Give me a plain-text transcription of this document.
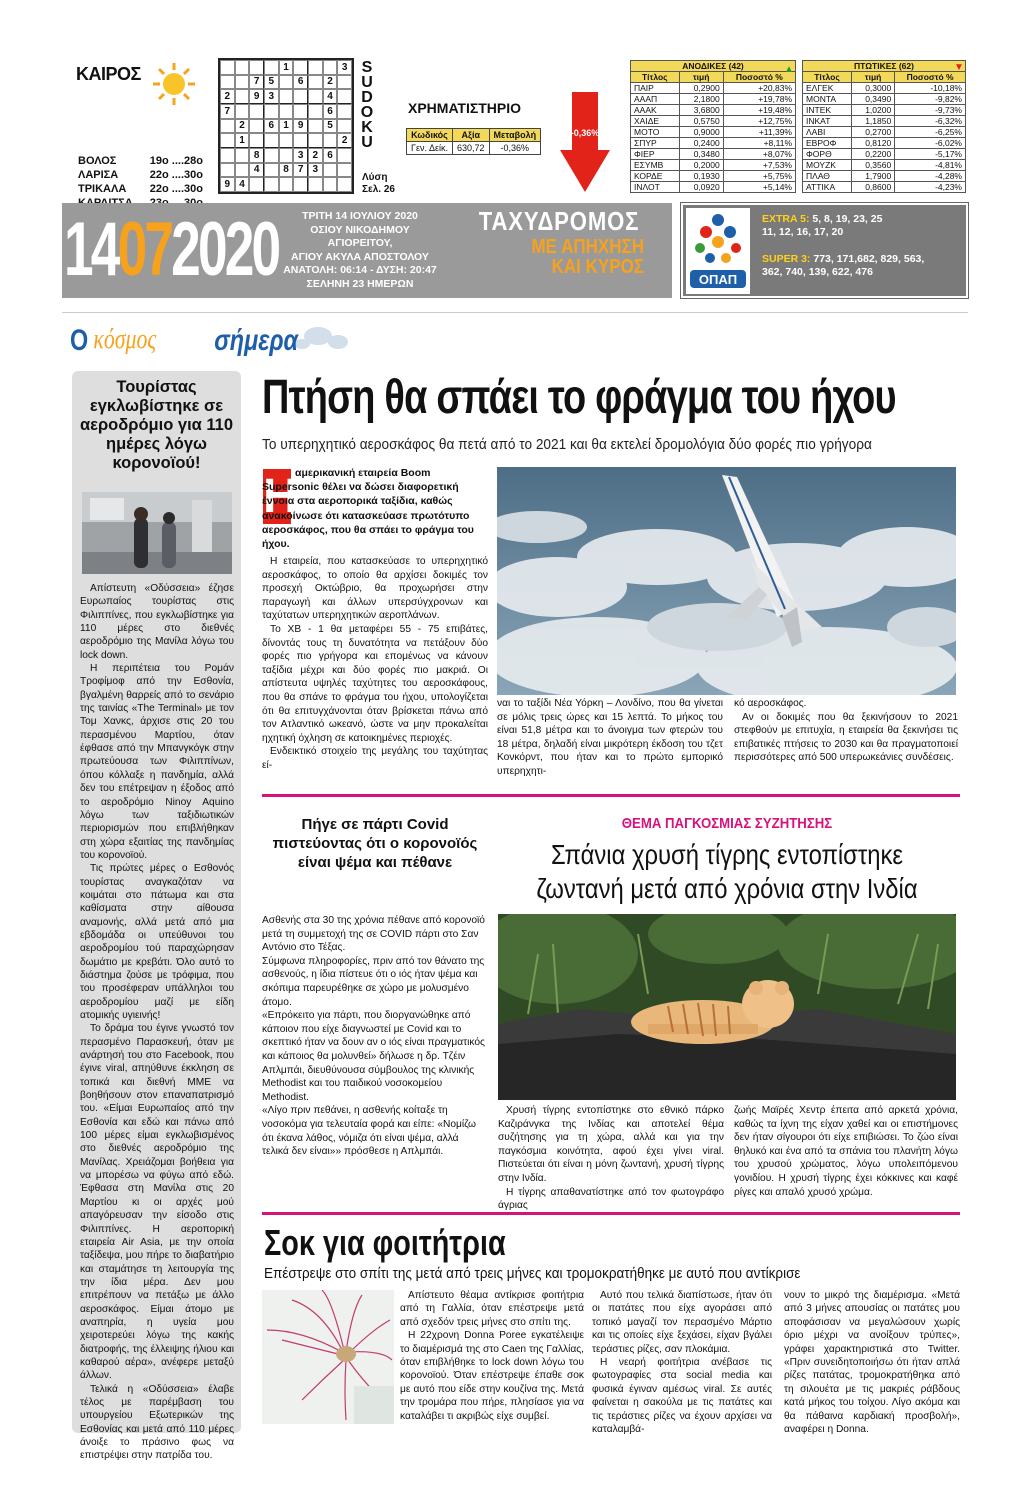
ΚΑΙΡΟΣ
ΒΟΛΟΣ	19ο ....28ο
ΛΑΡΙΣΑ	22ο ....30ο
ΤΡΙΚΑΛΑ 22ο ....30ο
1	3
7 5	6	2
2	9 3	4
7	6
2	6 1 9	5
1	2
8	3 2 6
4	8 7 3
9 4
S
U
D
O
K
U
Λύση
Σελ. 26
ΧΡΗΜΑΤΙΣΤΗΡΙΟ
Κωδικός	Αξία	Μεταβολή
Γεν. Δείκ.	630,72	-0,36%
-0,36%
ΑΝΟΔΙΚΕΣ (42)		
Τίτλος	τιμή	Ποσοστό %
ΠΑΙΡ	0,2900	+20,83%
ΑΑΑΠ	2,1800	+19,78%
ΑΑΑΚ	3,6800	+19,48%
ΧΑΙΔΕ	0,5750	+12,75%
ΜΟΤΟ	0,9000	+11,39%
ΣΠΥΡ	0,2400	+8,11%
ΦΙΕΡ	0,3480	+8,07%
ΕΣΥΜΒ	0,2000	+7,53%
ΚΟΡΔΕ	0,1930	+5,75%
ΙΝΛΟΤ	0,0920	+5,14%
ΠΤΩΤΙΚΕΣ (62)		
Τίτλος	τιμή	Ποσοστό %
ΕΛΓΕΚ	0,3000	-10,18%
ΜΟΝΤΑ	0,3490	-9,82%
ΙΝΤΕΚ	1,0200	-9,73%
ΙΝΚΑΤ	1,1850	-6,32%
ΛΑΒΙ	0,2700	-6,25%
ΕΒΡΟΦ	0,8120	-6,02%
ΦΟΡΘ	0,2200	-5,17%
ΜΟΥΖΚ	0,3560	-4,81%
ΠΛΑΘ	1,7900	-4,28%
ΑΤΤΙΚΑ	0,8600	-4,23%
14072020	ΤΡΙΤΗ 14 ΙΟΥΛΙΟΥ 2020
ΟΣΙΟΥ ΝΙΚΟΔΗΜΟΥ ΑΓΙΟΡΕΙΤΟΥ,
ΑΓΙΟΥ ΑΚΥΛΑ ΑΠΟΣΤΟΛΟΥ
ΑΝΑΤΟΛΗ: 06:14 - ΔΥΣΗ: 20:47
ΣΕΛΗΝΗ 23 ΗΜΕΡΩΝ
ΤΑΧΥΔΡΟΜΟΣ
ΜΕ ΑΠΗΧΗΣΗ
ΚΑΙ ΚΥΡΟΣ
ΟΠΑΠ
EXTRA 5: 5, 8, 19, 23, 25
11, 12, 16, 17, 20
SUPER 3: 773, 171,682, 829, 563,
362, 740, 139, 622, 476
Ο κόσμος σήμερα
Τουρίστας εγκλωβίστηκε σε αεροδρόμιο για 110 ημέρες λόγω κορονοϊού!

Απίστευτη «Οδύσσεια» έζησε Ευρωπαίος τουρίστας στις Φιλιππίνες, που εγκλωβίστηκε για 110 μέρες στο διεθνές αεροδρόμιο της Μανίλα λόγω του lock down.

Η περιπέτεια του Ρομάν Τροφίμοφ από την Εσθονία, βγαλμένη θαρρείς από το σενάριο της ταινίας «The Terminal» με τον Τομ Χανκς, άρχισε στις 20 του περασμένου Μαρτίου, όταν έφθασε από την Μπανγκόγκ στην πρωτεύουσα των Φιλιππίνων, όπου κόλλαξε η πανδημία, αλλά δεν του επέτρεψαν η έξοδος από το αεροδρόμιο Ninoy Aquino λόγω των ταξιδιωτικών περιορισμών που επιβλήθηκαν στη χώρα εξαιτίας της πανδημίας του κορονοϊού.

Τις πρώτες μέρες ο Εσθονός τουρίστας αναγκαζόταν να κοιμάται στο πάτωμα και στα καθίσματα στην αίθουσα αναμονής, αλλά μετά από μια εβδομάδα οι υπεύθυνοι του αεροδρομίου τού παραχώρησαν δωμάτιο με κρεβάτι. Όλο αυτό το διάστημα ζούσε με τρόφιμα, που του προσέφεραν υπάλληλοι του αεροδρομίου μαζί με είδη ατομικής υγιεινής!

Το δράμα του έγινε γνωστό τον περασμένο Παρασκευή, όταν με ανάρτησή του στο Facebook, που έγινε viral, απηύθυνε έκκληση σε τοπικά και διεθνή ΜΜΕ να βοηθήσουν στον επαναπατρισμό του. «Είμαι Ευρωπαίος από την Εσθονία και εδώ και πάνω από 100 μέρες είμαι εγκλωβισμένος στο διεθνές αεροδρόμιο της Μανίλας. Χρειάζομαι βοήθεια για να μπορέσω να φύγω από εδώ. Έφθασα στη Μανίλα στις 20 Μαρτίου κι οι αρχές μού απαγόρευσαν την είσοδο στις Φιλιππίνες. Η αεροπορική εταιρεία Air Asia, με την οποία ταξίδεψα, μου πήρε το διαβατήριο και σταμάτησε τη λειτουργία της την ίδια μέρα. Δεν μου επιτρέπουν να πετάξω με άλλο αεροσκάφος. Είμαι άτομο με αναπηρία, η υγεία μου χειροτερεύει λόγω της κακής διατροφής, της έλλειψης ήλιου και καθαρού αέρα», ανέφερε μεταξύ άλλων.

Τελικά η «Οδύσσεια» έλαβε τέλος με παρέμβαση του υπουργείου Εξωτερικών της Εσθονίας και μετά από 110 μέρες άνοιξε το πράσινο φως να επιστρέψει στην πατρίδα του.

Πτήση θα σπάει το φράγμα του ήχου
Το υπερηχητικό αεροσκάφος θα πετά από το 2021 και θα εκτελεί δρομολόγια δύο φορές πιο γρήγορα
Η
αμερικανική εταιρεία Boom Supersonic θέλει να δώσει διαφορετική έννοια στα αεροπορικά ταξίδια, καθώς ανακοίνωσε ότι κατασκεύασε πρωτότυπο αεροσκάφος, που θα σπάει το φράγμα του ήχου.

Η εταιρεία, που κατασκεύασε το υπερηχητικό αεροσκάφος, το οποίο θα αρχίσει δοκιμές τον προσεχή Οκτώβριο, θα προχωρήσει στην παραγωγή και άλλων υπερσύγχρονων και ταχύτατων υπερηχητικών αεροπλάνων.

Το XB - 1 θα μεταφέρει 55 - 75 επιβάτες, δίνοντάς τους τη δυνατότητα να πετάξουν δύο φορές πιο γρήγορα και επομένως να κάνουν ταξίδια μέχρι και δύο φορές πιο μακριά. Οι απίστευτα υψηλές ταχύτητες του αεροσκάφους, που θα σπάνε το φράγμα του ήχου, υπολογίζεται ότι θα επιτυγχάνονται όταν βρίσκεται πάνω από τον Ατλαντικό ωκεανό, ώστε να μην προκαλείται ηχητική όχληση σε κατοικημένες περιοχές.

Ενδεικτικό στοιχείο της μεγάλης του ταχύτητας εί-

ναι το ταξίδι Νέα Υόρκη – Λονδίνο, που θα γίνεται σε μόλις τρεις ώρες και 15 λεπτά. Το μήκος του είναι 51,8 μέτρα και το άνοιγμα των φτερών του 18 μέτρα, δηλαδή είναι μικρότερη έκδοση του τζετ Κονκόρντ, που ήταν και το πρώτο εμπορικό υπερηχητι-

κό αεροσκάφος.

Αν οι δοκιμές που θα ξεκινήσουν το 2021 στεφθούν με επιτυχία, η εταιρεία θα ξεκινήσει τις επιβατικές πτήσεις το 2030 και θα πραγματοποιεί περισσότερες από 500 υπερωκεάνιες συνδέσεις.

Πήγε σε πάρτι Covid πιστεύοντας ότι ο κορονοϊός είναι ψέμα και πέθανε

Ασθενής στα 30 της χρόνια πέθανε από κορονοϊό μετά τη συμμετοχή της σε COVID πάρτι στο Σαν Αντόνιο στο Τέξας.

Σύμφωνα πληροφορίες, πριν από τον θάνατο της ασθενούς, η ίδια πίστευε ότι ο ιός ήταν ψέμα και σκόπιμα παρευρέθηκε σε χώρο με μολυσμένο άτομο.

«Επρόκειτο για πάρτι, που διοργανώθηκε από κάποιον που είχε διαγνωστεί με Covid και το σκεπτικό ήταν να δουν αν ο ιός είναι πραγματικός και κάποιος θα μολυνθεί» δήλωσε η δρ. Τζέιν Απλμπάι, διευθύνουσα σύμβουλος της κλινικής Methodist και του παιδικού νοσοκομείου Methodist.

«Λίγο πριν πεθάνει, η ασθενής κοίταξε τη νοσοκόμα για τελευταία φορά και είπε: «Νομίζω ότι έκανα λάθος, νόμιζα ότι είναι ψέμα, αλλά τελικά δεν είναι»» πρόσθεσε η Απλμπάι.

ΘΕΜΑ ΠΑΓΚΟΣΜΙΑΣ ΣΥΖΗΤΗΣΗΣ
Σπάνια χρυσή τίγρης εντοπίστηκε
ζωντανή μετά από χρόνια στην Ινδία

Χρυσή τίγρης εντοπίστηκε στο εθνικό πάρκο Καζιράνγκα της Ινδίας και αποτελεί θέμα συζήτησης για τη χώρα, αλλά και για την παγκόσμια κοινότητα, αφού έχει γίνει viral. Πιστεύεται ότι είναι η μόνη ζωντανή, χρυσή τίγρης στην Ινδία.

Η τίγρης απαθανατίστηκε από τον φωτογράφο άγριας

ζωής Μαϊρές Χεντρ έπειτα από αρκετά χρόνια, καθώς τα ίχνη της είχαν χαθεί και οι επιστήμονες δεν ήταν σίγουροι ότι είχε επιβιώσει. Το ζώο είναι θηλυκό και ένα από τα σπάνια του πλανήτη λόγω του χρυσού χρώματος, λόγω υπολειπόμενου γονιδίου. Η χρυσή τίγρης έχει κόκκινες και καφέ ρίγες και απαλό χρυσό χρώμα.
Σοκ για φοιτήτρια
Επέστρεψε στο σπίτι της μετά από τρεις μήνες και τρομοκρατήθηκε με αυτό που αντίκρισε

Απίστευτο θέαμα αντίκρισε φοιτήτρια από τη Γαλλία, όταν επέστρεψε μετά από σχεδόν τρεις μήνες στο σπίτι της.

Η 22χρονη Donna Poree εγκατέλειψε το διαμέρισμά της στο Caen της Γαλλίας, όταν επιβλήθηκε το lock down λόγω του κορονοϊού. Όταν επέστρεψε έπαθε σοκ με αυτό που είδε στην κουζίνα της. Μετά την τρομάρα που πήρε, πλησίασε για να καταλάβει τι ακριβώς είχε συμβεί.

Αυτό που τελικά διαπίστωσε, ήταν ότι οι πατάτες που είχε αγοράσει από τοπικό μαγαζί τον περασμένο Μάρτιο και τις οποίες είχε ξεχάσει, είχαν βγάλει τεράστιες ρίζες, σαν πλοκάμια.

Η νεαρή φοιτήτρια ανέβασε τις φωτογραφίες στα social media και φυσικά έγιναν αμέσως viral. Σε αυτές φαίνεται η σακούλα με τις πατάτες και τις τεράστιες ρίζες να έχουν αρχίσει να καταλαμβά-

νουν το μικρό της διαμέρισμα. «Μετά από 3 μήνες απουσίας οι πατάτες μου αποφάσισαν να μεγαλώσουν χωρίς όριο μέχρι να ανοίξουν τρύπες», γράφει χαρακτηριστικά στο Twitter. «Πριν συνειδητοποιήσω ότι ήταν απλά ρίζες πατάτας, τρομοκρατήθηκα από τη σιλουέτα με τις μακριές ράβδους κατά μήκος του τοίχου. Λίγο ακόμα και θα πάθαινα καρδιακή προσβολή», αναφέρει η Donna.
▲	▼
